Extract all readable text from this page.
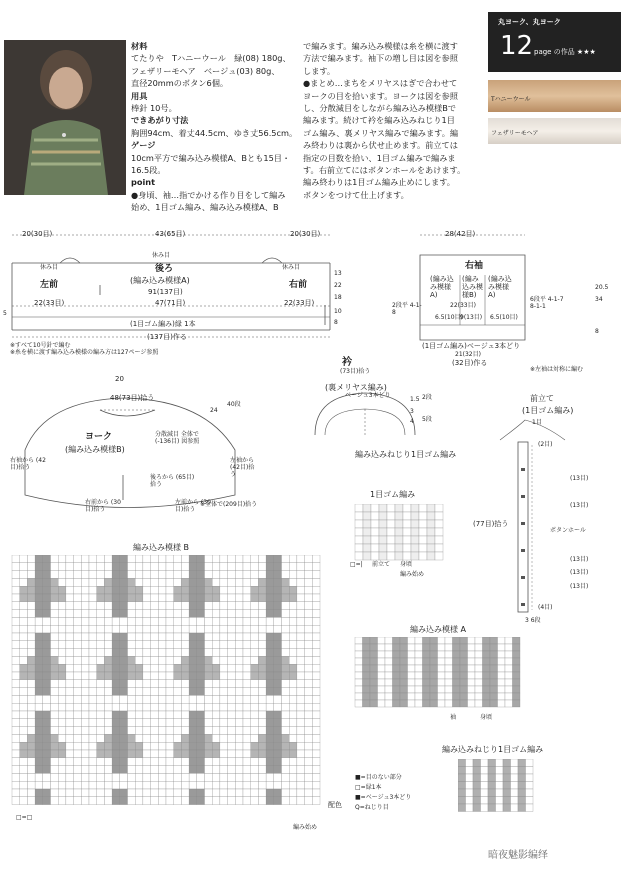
材料

てたりや　Tハニーウール　緑(08) 180g、

フェザリーモヘア　ベージュ(03) 80g、

直径20mmのボタン6個。

用具

棒針 10号。

できあがり寸法

胸囲94cm、着丈44.5cm、ゆき丈56.5cm。

ゲージ

10cm平方で編み込み模様A、Bとも15目・

16.5段。

point

●身頃、袖…指でかける作り目をして編み

始め、1目ゴム編み、編み込み模様A、B

で編みます。編み込み模様は糸を横に渡す

方法で編みます。袖下の増し目は図を参照

します。

●まとめ…まちをメリヤスはぎで合わせて

ヨークの目を拾います。ヨークは図を参照

し、分散減目をしながら編み込み模様Bで

編みます。続けて衿を編み込みねじり1目

ゴム編み、裏メリヤス編みで編みます。編

み終わりは裏から伏せ止めます。前立ては

指定の目数を拾い、1目ゴム編みで編みま

す。右前立てにはボタンホールをあけます。

編み終わりは1目ゴム編み止めにします。

ボタンをつけて仕上げます。

丸ヨーク、丸ヨーク
12 page の作品 ★★★
Tハニーウール
フェザリーモヘア
20(30目)	43(65目)	20(30目)
休み目
休み目
休み目
左前
後ろ
(編み込み模様A)	右前
91(137目)
47(71目)
22(33目)	22(33目)
(1目ゴム編み)緑 1本
(137目)作る
13
22
18
5	10
8
※すべて10号針で編む
※糸を横に渡す編み込み模様の編み方は127ページ参照
28(42目)
右袖
(編み込み模様A)
(編み込み模様B)
(編み込み模様A)
2段平 4-1-8
6段平 4-1-7 8-1-1
22(33目)
6.5(10目)
9(13目) 6.5(10目)
21(32目)
(1目ゴム編み)ベージュ3本どり
(32目)作る
※左袖は対称に編む
20.5
34
8
20
48(73目)拾う
ヨーク
(編み込み模様B)
分散減目 全体で(-136目) 図参照
後ろから (65目)拾う
右前から (30目)拾う
左前から (30目)拾う
右袖から (42目)拾う
左袖から (42目)拾う
※全体で(209目)拾う
24
40段
衿
(73目)拾う
(裏メリヤス編み)
ベージュ3本どり
編み込みねじり1目ゴム編み
1.5 2段
3
4 5段
前立て
(1目ゴム編み)
1目
(77目)拾う
ボタンホール
(2目)
(13目)
(13目)
(13目)
(13目)
(13目)
(4目)
3 6段
1目ゴム編み
□=| 前立て 身頃
編み始め
編み込み模様 B
配色
編み始め
□=□
編み込み模様 A
袖	身頃
編み込みねじり1目ゴム編み
■=目のない部分
□=緑1本
■=ベージュ3本どり
Q=ねじり目
暗夜魅影编绎
